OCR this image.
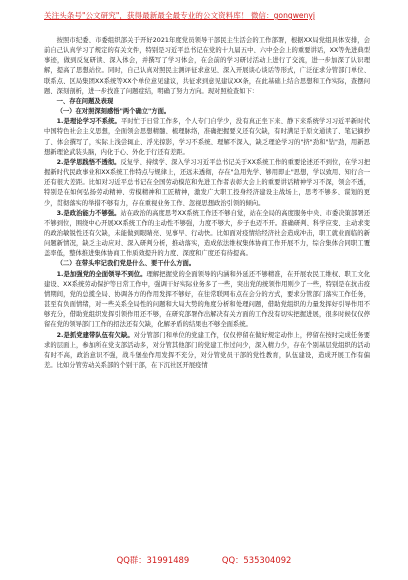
关注头条号"公文研究"，获得最新最全最专业的公文资料库！ 微信：gongwenyj

按照市纪委、市委组织部关于开好2021年度党员领导干部民主生活会的工作部署，根据XX局党组具体安排，会前自己认真学习了规定的有关文件，特别是习近平总书记在党的十九届五中、六中全会上的重要讲话，XX等先进典型事迹，做到反复研读、深入体会，并撰写了学习体会，在会前的学习研讨活动上进行了交流，进一步加深了认识理解，提高了思想站位。同时，自己认真对照民主测评征求意见、深入开展谈心谈话等形式，广泛征求分管部门单位、联系点、区局集团XX系统等XX个单位意见建议，共征求到意见建议XX条，在此基础上结合思想和工作实际，查摆问题、深刻剖析，进一步找准了问题症结，明确了努力方向。现对照检查如下：

一、存在问题及表现

（一）在对照深刻感悟"两个确立"方面。

1.是理论学习不系统。平时忙于日常工作多，个人专门自学少，没有真正坐下来、静下来系统学习习近平新时代中国特色社会主义思想，全面领会思想精髓、梳理脉络，准确把握要义还有欠缺，有时满足于原文通读了、笔记摘抄了、体会撰写了，实际上浅尝辄止、浮光掠影，学习不系统、理解不深入，缺乏理论学习的"挤"劲和"钻"劲，用新思想新理论武装头脑，内化于心、外化于行还有差距。

2.是学思践悟不透彻。反复学、持续学、深入学习习近平总书记关于XX系统工作的重要论述还不到位，在学习把握新时代民政事业和XX系统工作特点与规律上，还远未透彻，存在"急用先学、够用即止"思想，学以致用、知行合一还有很大差距。比如对习近平总书记在全国劳动模范和先进工作者表彰大会上的重要讲话精神学习不深，领会不透，特别是在如何弘扬劳动精神、劳模精神和工匠精神，激发广大职工投身经济建设主战场上，思考不够多、谋划的更少，贯彻落实的举措不够有力，存在重视业务工作、忽视思想政治引领的倾向。

3.是政治能力不够强。站在政治的高度思考XX系统工作还不够自觉，站在全局的高度服务中央、市委决策部署还不够到位，围绕中心开展XX系统工作的主动性不够强，力度不够大，步子也迈不开。准确研判、科学应变、主动求变的政治敏锐性还有欠缺，未能做到眼睛亮、见事早、行动快。比如面对疫情给经济社会造成冲击，职工就业面临的新问题新情况，缺乏主动应对、深入研判分析，推动落实，造成依法维权集体协商工作开展不力，综合集体合同职工覆盖率低，整体推进集体协商工作质效提升的力度、深度和广度还有待提高。

（二）在带头牢记我们党是什么、要干什么方面。

1.是加强党的全面领导不到位。理解把握党的全面领导的内涵和外延还不够精准，在开展农民工维权、职工文化建设、XX系统劳动保护等日常工作中，强调干好实际业务多了一些，突出党的统领作用则少了一些，特别是在抗击疫情期间，党的总揽全局、协调各方的作用发挥不够好，在往常联网布点在会分的方式，要求分管部门落实工作任务，甚至有负面情绪，对一些关系全局性的问题和大局大势的角度分析和处理问题，借助党组织的力量发挥好引导作用不够充分，借助党组织发挥引领作用还不够，在研究部署作出解决有关方面的工作没有切实把握进展，很多时候仅仅停留在党的领导部门工作的招法还有欠缺，化解矛盾的结果也不够全面系统。

2.是抓党建带队伍有欠缺。对分管部门和单位的党建工作，仅仅停留在做好规定动作上，停留在按时完成任务要求的层面上，参加所在党支部活动多，对分管其他部门的党建工作过问少，深入精力少，存在个别基层党组织的活动有时不高，政治意识不强，战斗堡垒作用发挥不充分，对分管党员干部的党性教育，队伍建设，造成开展工作有偏差。比如分管劳动关系部的个别干部，在下沉社区开展疫情

QQ群：31991489	QQ：535304092
